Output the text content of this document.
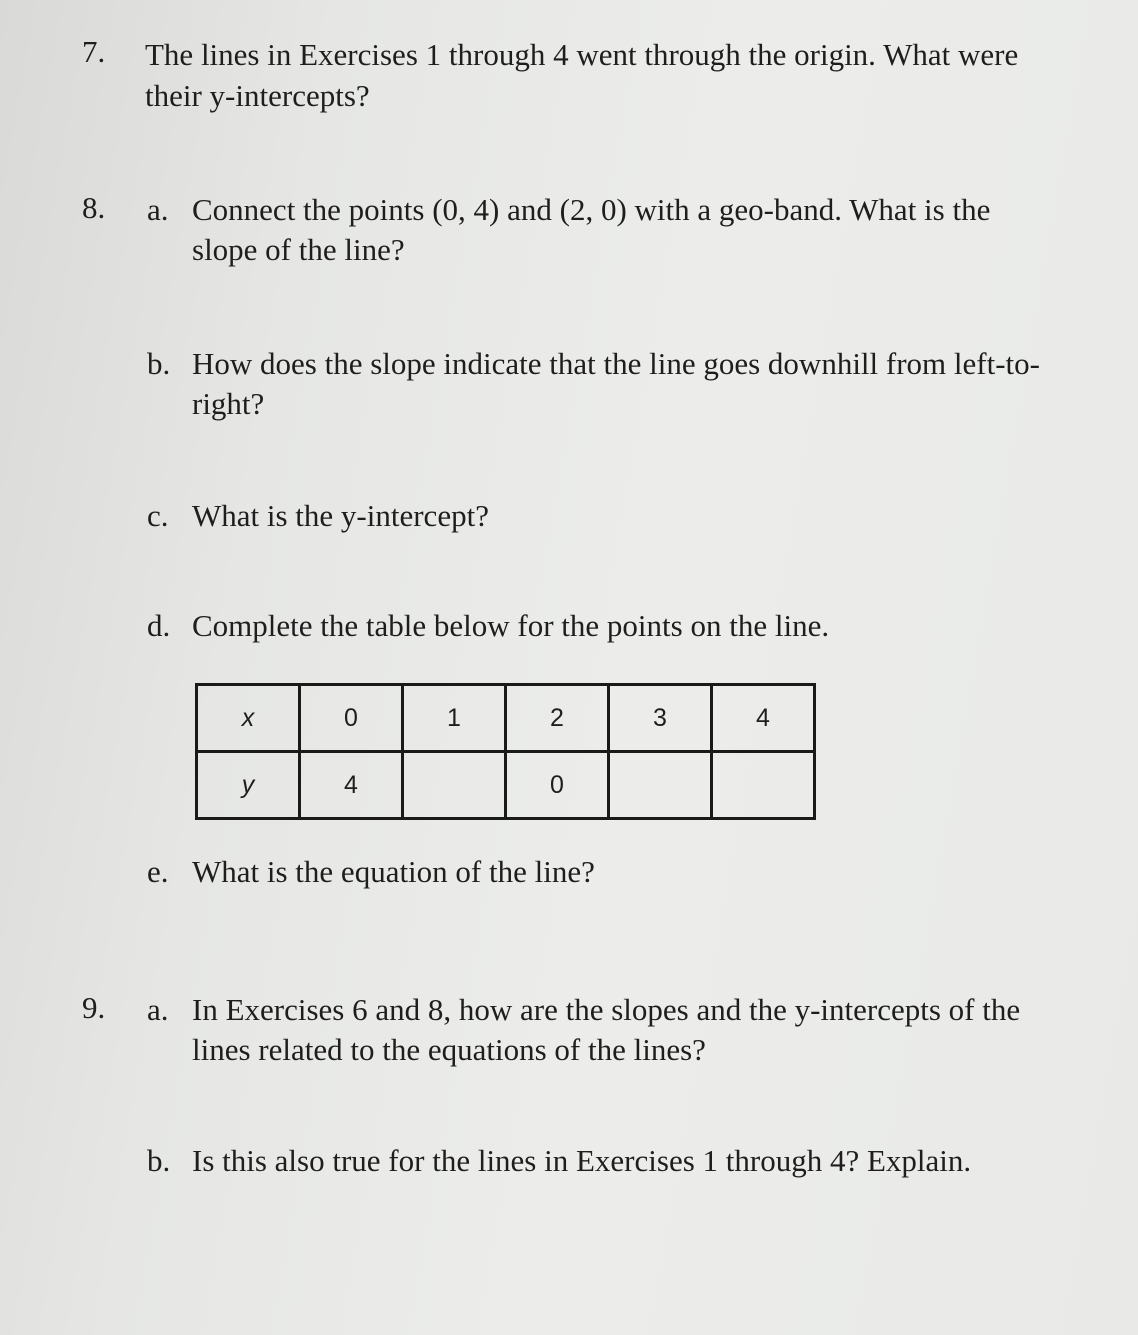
7. The lines in Exercises 1 through 4 went through the origin. What were their y-intercepts?
8. a. Connect the points (0, 4) and (2, 0) with a geo-band. What is the slope of the line?
b. How does the slope indicate that the line goes downhill from left-to-right?
c. What is the y-intercept?
d. Complete the table below for the points on the line.
x	0	1	2	3	4
y	4		0		
e. What is the equation of the line?
9. a. In Exercises 6 and 8, how are the slopes and the y-intercepts of the lines related to the equations of the lines?
b. Is this also true for the lines in Exercises 1 through 4? Explain.
